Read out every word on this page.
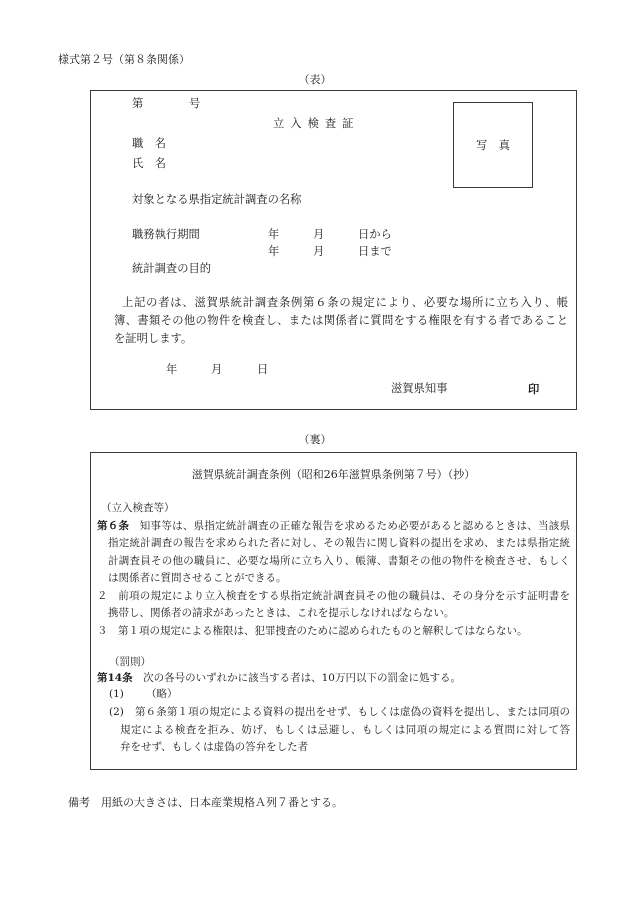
様式第２号（第８条関係）
（表）
第	号
立 入 検 査 証
写　真
職　名
氏　名
対象となる県指定統計調査の名称
職務執行期間	年	月	日から
年	月	日まで
統計調査の目的
上記の者は、滋賀県統計調査条例第６条の規定により、必要な場所に立ち入り、帳
簿、書類その他の物件を検査し、または関係者に質問をする権限を有する者であること
を証明します。
年	月	日
滋賀県知事	印
（裏）
滋賀県統計調査条例（昭和26年滋賀県条例第７号）（抄）
（立入検査等）
第６条 知事等は、県指定統計調査の正確な報告を求めるため必要があると認めるときは、当該県
指定統計調査の報告を求められた者に対し、その報告に関し資料の提出を求め、または県指定統
計調査員その他の職員に、必要な場所に立ち入り、帳簿、書類その他の物件を検査させ、もしく
は関係者に質問させることができる。
２ 前項の規定により立入検査をする県指定統計調査員その他の職員は、その身分を示す証明書を
携帯し、関係者の請求があったときは、これを提示しなければならない。
３ 第１項の規定による権限は、犯罪捜査のために認められたものと解釈してはならない。
（罰則）
第14条 次の各号のいずれかに該当する者は、10万円以下の罰金に処する。
(1) （略）
(2) 第６条第１項の規定による資料の提出をせず、もしくは虚偽の資料を提出し、または同項の
規定による検査を拒み、妨げ、もしくは忌避し、もしくは同項の規定による質問に対して答
弁をせず、もしくは虚偽の答弁をした者
備考　用紙の大きさは、日本産業規格Ａ列７番とする。
